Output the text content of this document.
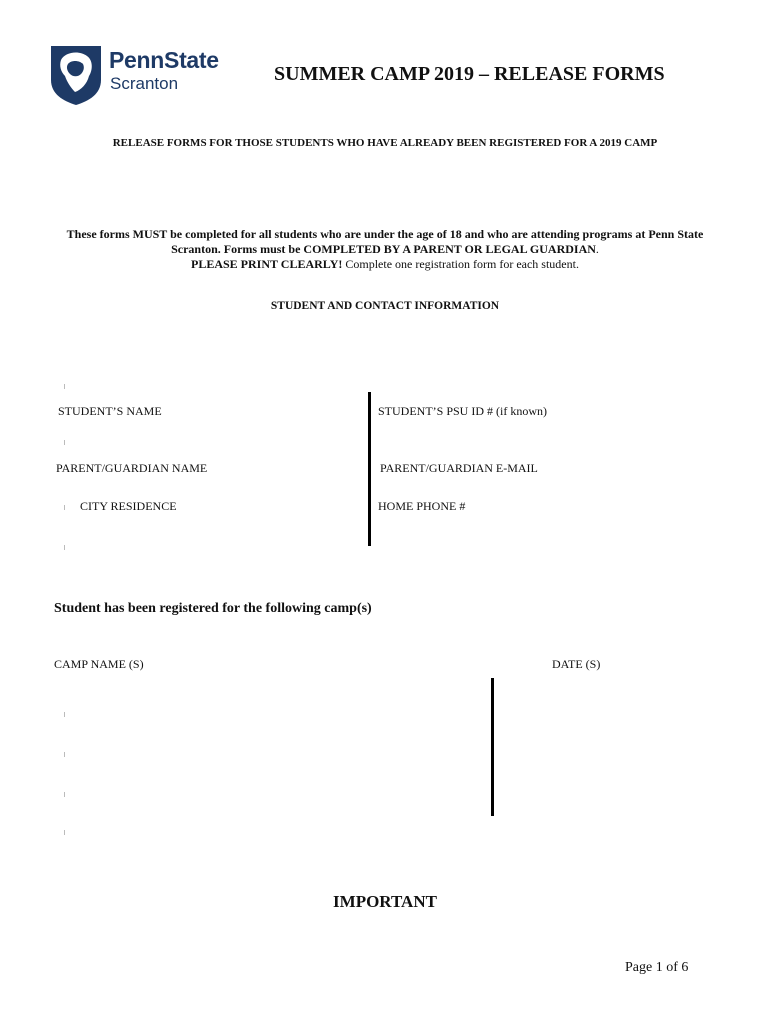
PennState
Scranton	SUMMER CAMP 2019 – RELEASE FORMS
RELEASE FORMS FOR THOSE STUDENTS WHO HAVE ALREADY BEEN REGISTERED FOR A 2019 CAMP
These forms MUST be completed for all students who are under the age of 18 and who are attending programs at Penn State Scranton. Forms must be COMPLETED BY A PARENT OR LEGAL GUARDIAN.
PLEASE PRINT CLEARLY! Complete one registration form for each student.
STUDENT AND CONTACT INFORMATION
STUDENT’S NAME	STUDENT’S PSU ID # (if known)
PARENT/GUARDIAN NAME	PARENT/GUARDIAN E-MAIL
CITY RESIDENCE	HOME PHONE #
Student has been registered for the following camp(s)
CAMP NAME (S)	DATE (S)
IMPORTANT
Page 1 of 6
